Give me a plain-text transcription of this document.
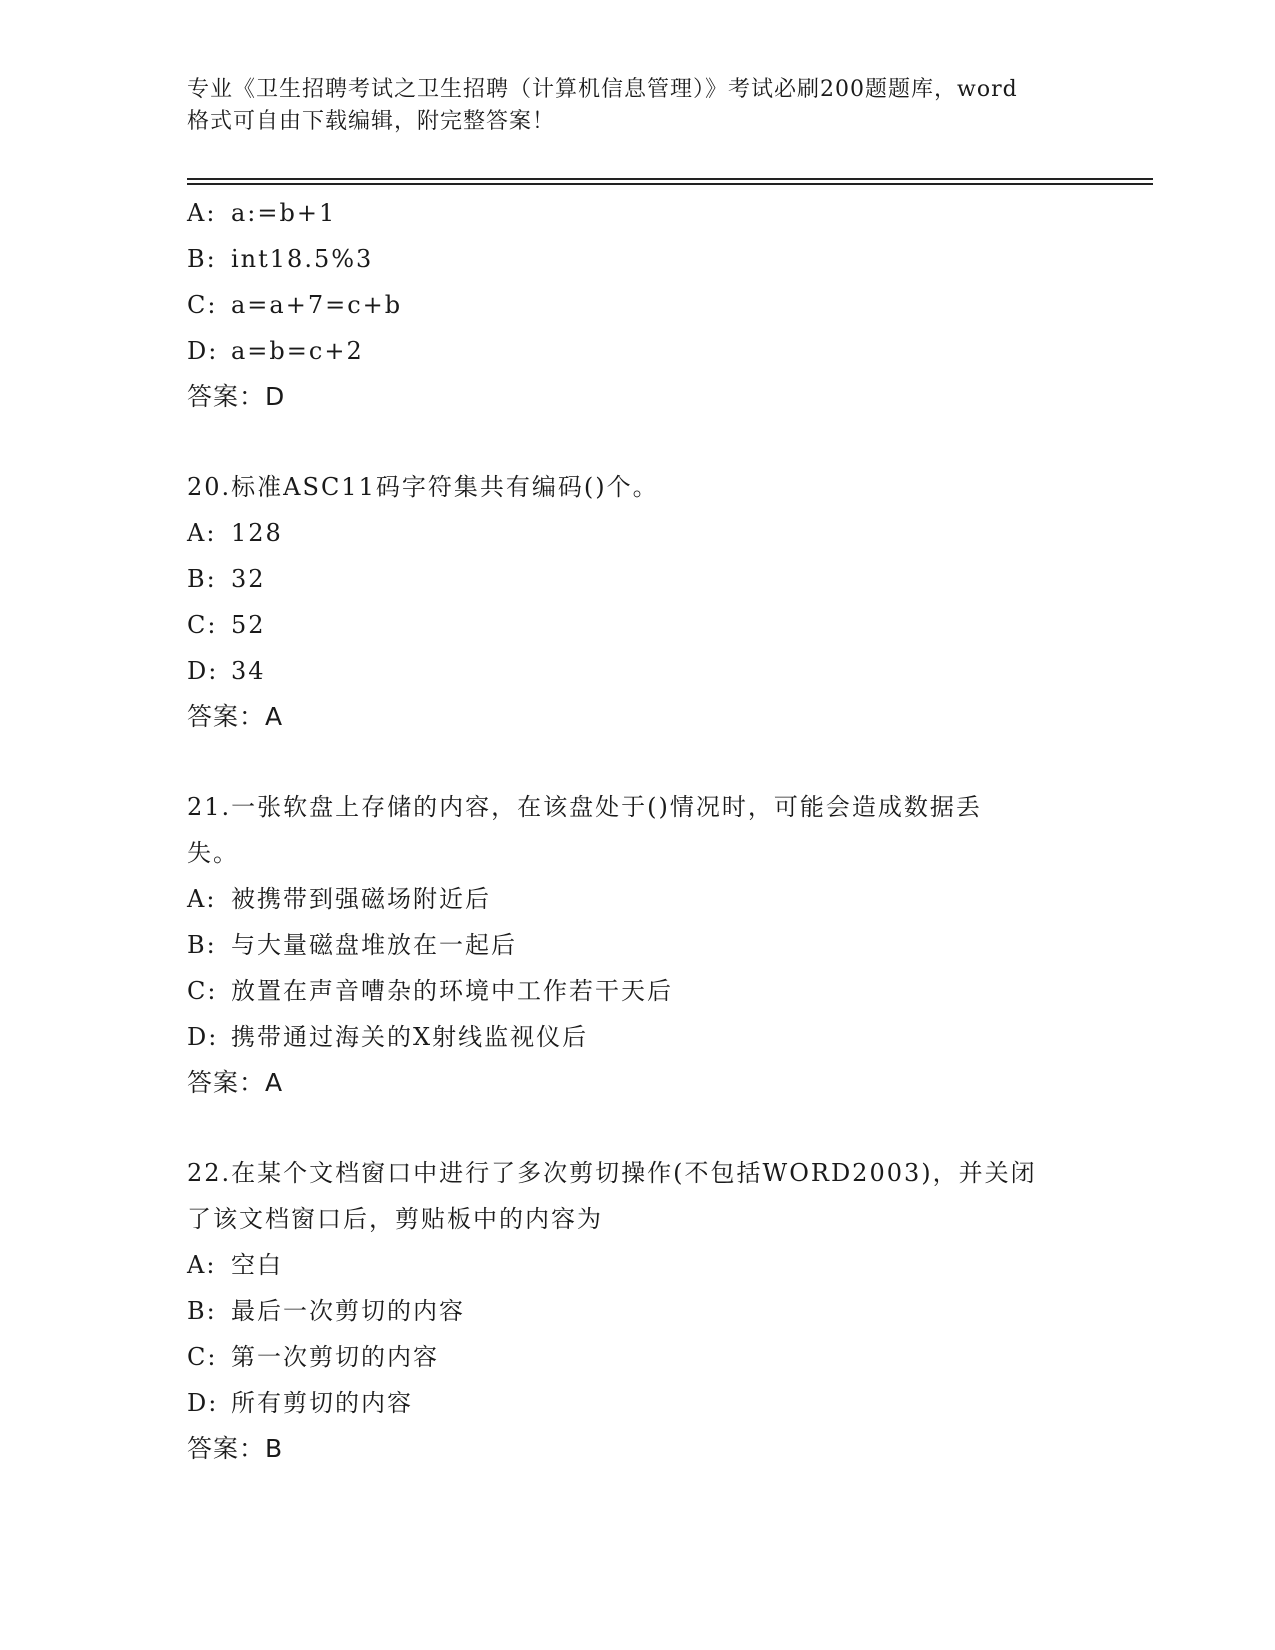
专业《卫生招聘考试之卫生招聘（计算机信息管理）》考试必刷200题题库，word
格式可自由下载编辑，附完整答案！
A: a:=b+1
B: int18.5%3
C: a=a+7=c+b
D: a=b=c+2
答案：D
20.标准ASC11码字符集共有编码()个。
A: 128
B: 32
C: 52
D: 34
答案：A
21.一张软盘上存储的内容，在该盘处于()情况时，可能会造成数据丢
失。
A: 被携带到强磁场附近后
B: 与大量磁盘堆放在一起后
C: 放置在声音嘈杂的环境中工作若干天后
D: 携带通过海关的X射线监视仪后
答案：A
22.在某个文档窗口中进行了多次剪切操作(不包括WORD2003)，并关闭
了该文档窗口后，剪贴板中的内容为
A: 空白
B: 最后一次剪切的内容
C: 第一次剪切的内容
D: 所有剪切的内容
答案：B
